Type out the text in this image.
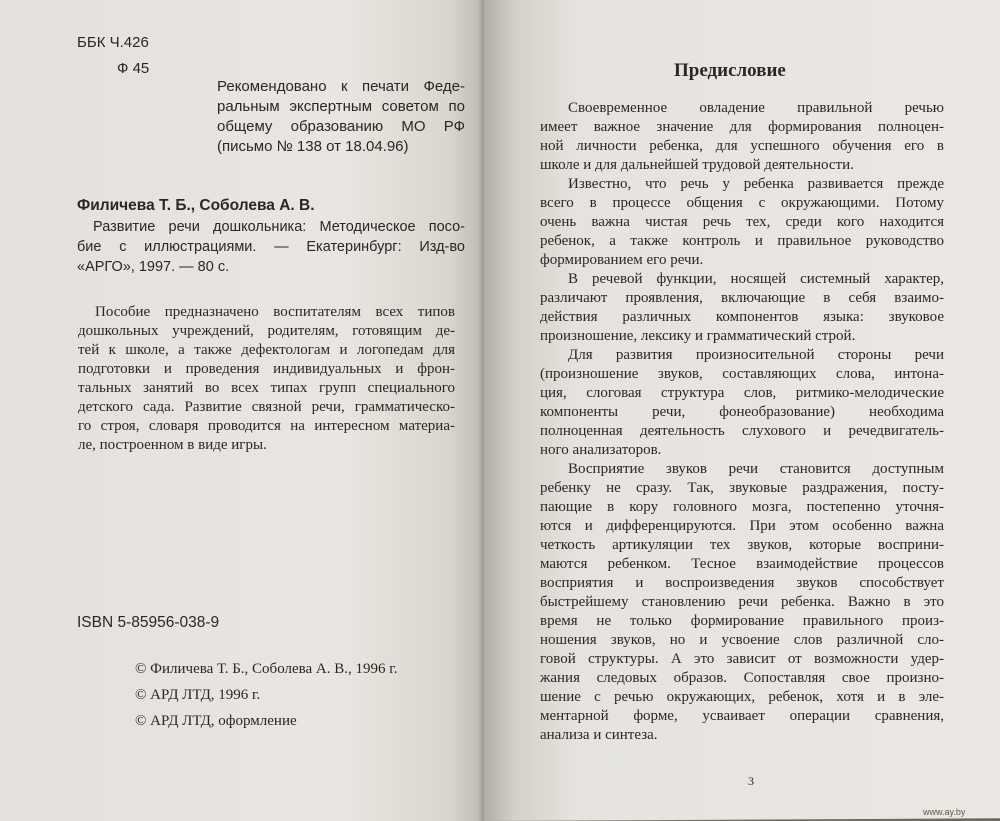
ББК Ч.426
Ф 45
Рекомендовано к печати Феде-
ральным экспертным советом по
общему образованию МО РФ
(письмо № 138 от 18.04.96)
Филичева Т. Б., Соболева А. В.
Развитие речи дошкольника: Методическое посо-
бие с иллюстрациями. — Екатеринбург: Изд-во
«АРГО», 1997. — 80 с.
Пособие предназначено воспитателям всех типов
дошкольных учреждений, родителям, готовящим де-
тей к школе, а также дефектологам и логопедам для
подготовки и проведения индивидуальных и фрон-
тальных занятий во всех типах групп специального
детского сада. Развитие связной речи, грамматическо-
го строя, словаря проводится на интересном материа-
ле, построенном в виде игры.
ISBN 5-85956-038-9
© Филичева Т. Б., Соболева А. В., 1996 г.
© АРД ЛТД, 1996 г.
© АРД ЛТД, оформление
Предисловие
Своевременное овладение правильной речью
имеет важное значение для формирования полноцен-
ной личности ребенка, для успешного обучения его в
школе и для дальнейшей трудовой деятельности.
Известно, что речь у ребенка развивается прежде
всего в процессе общения с окружающими. Потому
очень важна чистая речь тех, среди кого находится
ребенок, а также контроль и правильное руководство
формированием его речи.
В речевой функции, носящей системный характер,
различают проявления, включающие в себя взаимо-
действия различных компонентов языка: звуковое
произношение, лексику и грамматический строй.
Для развития произносительной стороны речи
(произношение звуков, составляющих слова, интона-
ция, слоговая структура слов, ритмико-мелодические
компоненты речи, фонеобразование) необходима
полноценная деятельность слухового и речедвигатель-
ного анализаторов.
Восприятие звуков речи становится доступным
ребенку не сразу. Так, звуковые раздражения, посту-
пающие в кору головного мозга, постепенно уточня-
ются и дифференцируются. При этом особенно важна
четкость артикуляции тех звуков, которые восприни-
маются ребенком. Тесное взаимодействие процессов
восприятия и воспроизведения звуков способствует
быстрейшему становлению речи ребенка. Важно в это
время не только формирование правильного произ-
ношения звуков, но и усвоение слов различной сло-
говой структуры. А это зависит от возможности удер-
жания следовых образов. Сопоставляя свое произно-
шение с речью окружающих, ребенок, хотя и в эле-
ментарной форме, усваивает операции сравнения,
анализа и синтеза.
3
www.ay.by
